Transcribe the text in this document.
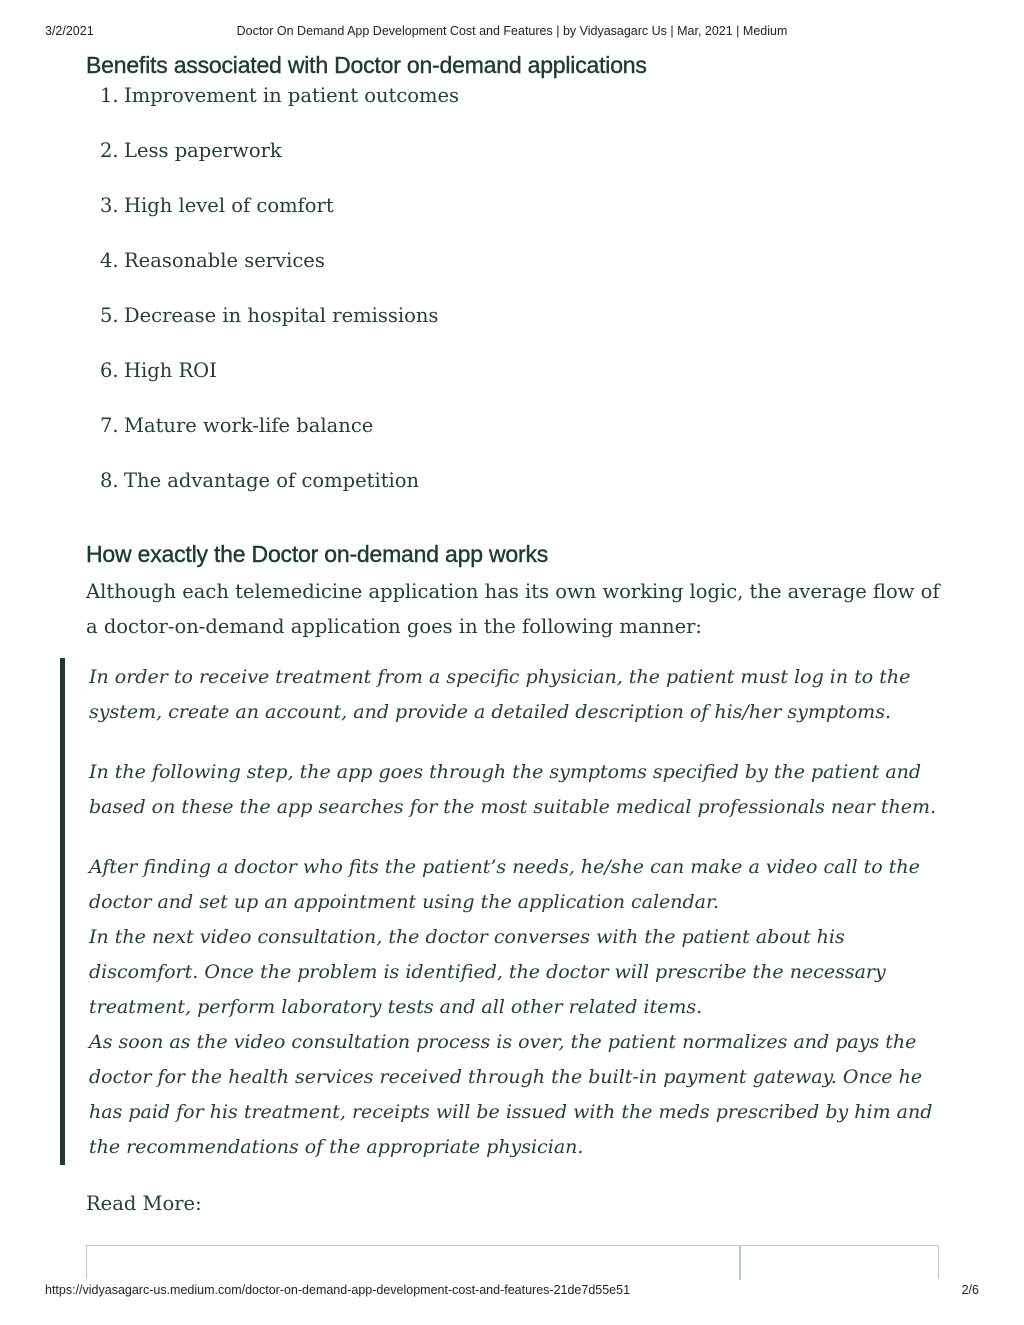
3/2/2021	Doctor On Demand App Development Cost and Features | by Vidyasagarc Us | Mar, 2021 | Medium
Benefits associated with Doctor on-demand applications
1. Improvement in patient outcomes
2. Less paperwork
3. High level of comfort
4. Reasonable services
5. Decrease in hospital remissions
6. High ROI
7. Mature work-life balance
8. The advantage of competition
How exactly the Doctor on-demand app works

Although each telemedicine application has its own working logic, the average flow of a doctor-on-demand application goes in the following manner:

In order to receive treatment from a specific physician, the patient must log in to the system, create an account, and provide a detailed description of his/her symptoms.

In the following step, the app goes through the symptoms specified by the patient and based on these the app searches for the most suitable medical professionals near them.

After finding a doctor who fits the patient’s needs, he/she can make a video call to the doctor and set up an appointment using the application calendar.

In the next video consultation, the doctor converses with the patient about his discomfort. Once the problem is identified, the doctor will prescribe the necessary treatment, perform laboratory tests and all other related items.

As soon as the video consultation process is over, the patient normalizes and pays the doctor for the health services received through the built-in payment gateway. Once he has paid for his treatment, receipts will be issued with the meds prescribed by him and the recommendations of the appropriate physician.

Read More:
https://vidyasagarc-us.medium.com/doctor-on-demand-app-development-cost-and-features-21de7d55e51	2/6
